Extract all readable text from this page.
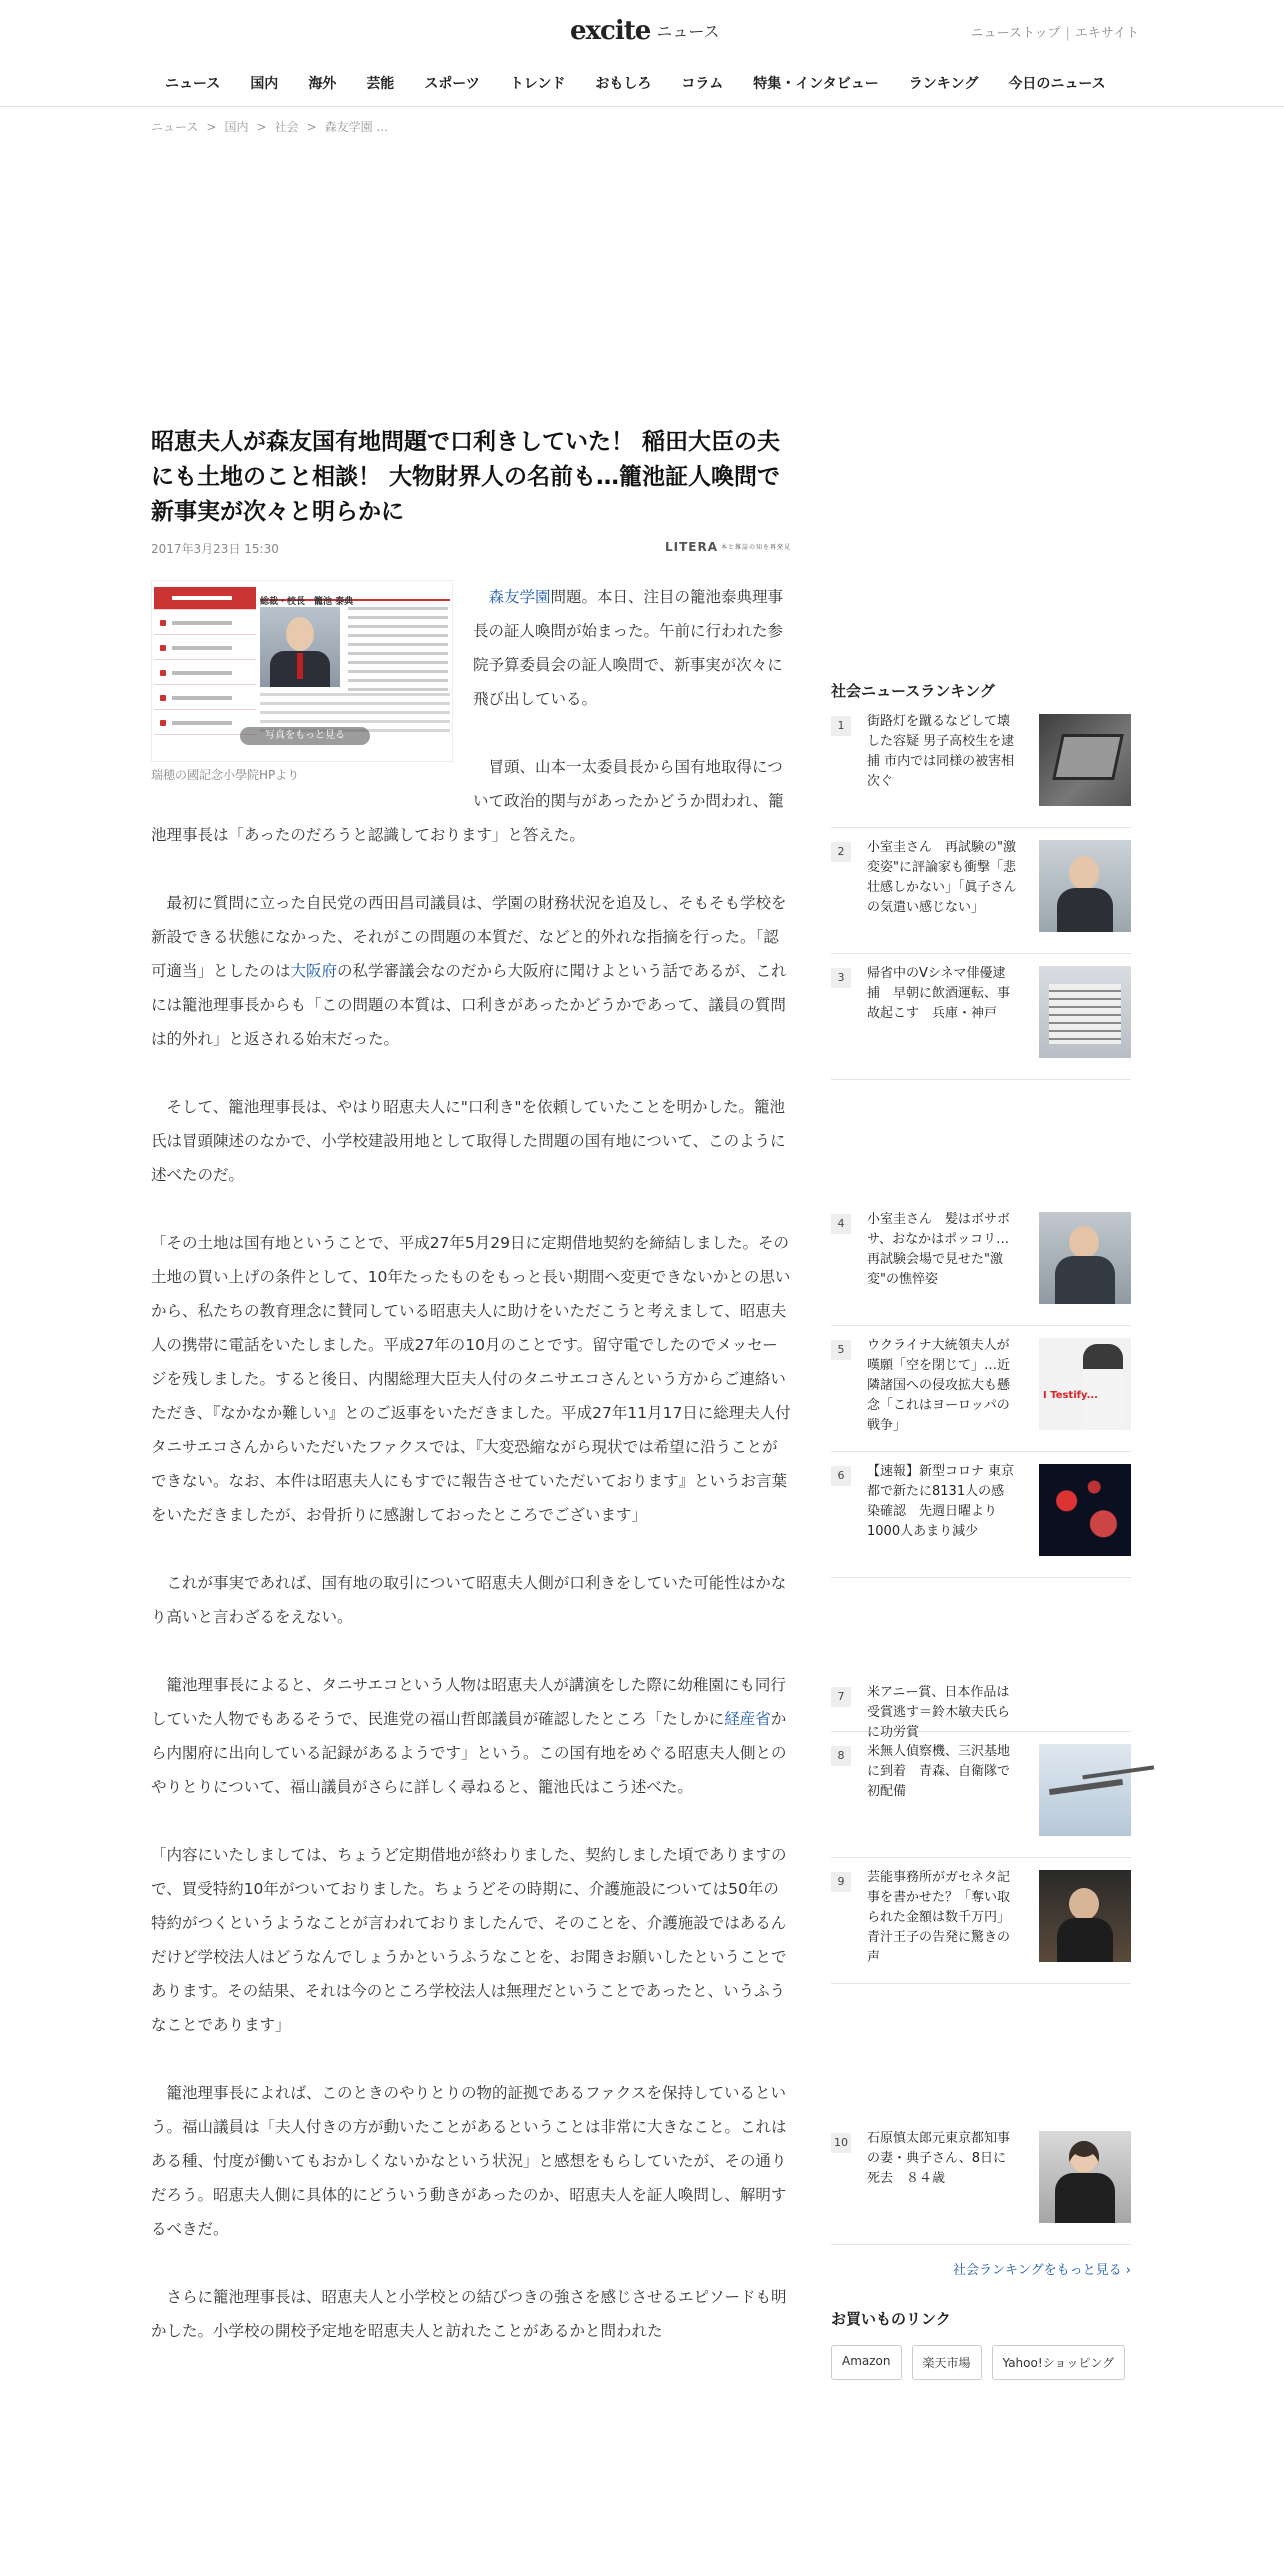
excite ニュース	ニューストップ | エキサイト
ニュース	国内	海外	芸能	スポーツ	トレンド	おもしろ	コラム	特集・インタビュー	ランキング	今日のニュース
ニュース > 国内 > 社会 > 森友学園 ...
昭恵夫人が森友国有地問題で口利きしていた！ 稲田大臣の夫にも土地のこと相談！ 大物財界人の名前も…籠池証人喚問で新事実が次々と明らかに
2017年3月23日 15:30	LITERA 本と雑誌の知を再発見
総裁・校長　籠池 泰典
写真をもっと見る
瑞穂の國記念小學院HPより

森友学園問題。本日、注目の籠池泰典理事長の証人喚問が始まった。午前に行われた参院予算委員会の証人喚問で、新事実が次々に飛び出している。

冒頭、山本一太委員長から国有地取得について政治的関与があったかどうか問われ、籠池理事長は「あったのだろうと認識しております」と答えた。

最初に質問に立った自民党の西田昌司議員は、学園の財務状況を追及し、そもそも学校を新設できる状態になかった、それがこの問題の本質だ、などと的外れな指摘を行った。「認可適当」としたのは大阪府の私学審議会なのだから大阪府に聞けよという話であるが、これには籠池理事長からも「この問題の本質は、口利きがあったかどうかであって、議員の質問は的外れ」と返される始末だった。

そして、籠池理事長は、やはり昭恵夫人に"口利き"を依頼していたことを明かした。籠池氏は冒頭陳述のなかで、小学校建設用地として取得した問題の国有地について、このように述べたのだ。

「その土地は国有地ということで、平成27年5月29日に定期借地契約を締結しました。その土地の買い上げの条件として、10年たったものをもっと長い期間へ変更できないかとの思いから、私たちの教育理念に賛同している昭恵夫人に助けをいただこうと考えまして、昭恵夫人の携帯に電話をいたしました。平成27年の10月のことです。留守電でしたのでメッセージを残しました。すると後日、内閣総理大臣夫人付のタニサエコさんという方からご連絡いただき、『なかなか難しい』とのご返事をいただきました。平成27年11月17日に総理夫人付タニサエコさんからいただいたファクスでは、『大変恐縮ながら現状では希望に沿うことができない。なお、本件は昭恵夫人にもすでに報告させていただいております』というお言葉をいただきましたが、お骨折りに感謝しておったところでございます」

これが事実であれば、国有地の取引について昭恵夫人側が口利きをしていた可能性はかなり高いと言わざるをえない。

籠池理事長によると、タニサエコという人物は昭恵夫人が講演をした際に幼稚園にも同行していた人物でもあるそうで、民進党の福山哲郎議員が確認したところ「たしかに経産省から内閣府に出向している記録があるようです」という。この国有地をめぐる昭恵夫人側とのやりとりについて、福山議員がさらに詳しく尋ねると、籠池氏はこう述べた。

「内容にいたしましては、ちょうど定期借地が終わりました、契約しました頃でありますので、買受特約10年がついておりました。ちょうどその時期に、介護施設については50年の特約がつくというようなことが言われておりましたんで、そのことを、介護施設ではあるんだけど学校法人はどうなんでしょうかというふうなことを、お聞きお願いしたということであります。その結果、それは今のところ学校法人は無理だということであったと、いうふうなことであります」

籠池理事長によれば、このときのやりとりの物的証拠であるファクスを保持しているという。福山議員は「夫人付きの方が動いたことがあるということは非常に大きなこと。これはある種、忖度が働いてもおかしくないかなという状況」と感想をもらしていたが、その通りだろう。昭恵夫人側に具体的にどういう動きがあったのか、昭恵夫人を証人喚問し、解明するべきだ。

さらに籠池理事長は、昭恵夫人と小学校との結びつきの強さを感じさせるエピソードも明かした。小学校の開校予定地を昭恵夫人と訪れたことがあるかと問われた

社会ニュースランキング
1	街路灯を蹴るなどして壊した容疑 男子高校生を逮捕 市内では同様の被害相次ぐ
2	小室圭さん　再試験の"激変姿"に評論家も衝撃「悲壮感しかない」「眞子さんの気遣い感じない」
3	帰省中のVシネマ俳優逮捕　早朝に飲酒運転、事故起こす　兵庫・神戸
4	小室圭さん　髪はボサボサ、おなかはポッコリ…再試験会場で見せた"激変"の憔悴姿
5	ウクライナ大統領夫人が嘆願「空を閉じて」…近隣諸国への侵攻拡大も懸念「これはヨーロッパの戦争」
I Testify...
6	【速報】新型コロナ 東京都で新たに8131人の感染確認　先週日曜より1000人あまり減少
7	米アニー賞、日本作品は受賞逃す＝鈴木敏夫氏らに功労賞
8	米無人偵察機、三沢基地に到着　青森、自衛隊で初配備
9	芸能事務所がガセネタ記事を書かせた？「奪い取られた金額は数千万円」青汁王子の告発に驚きの声
10 石原慎太郎元東京都知事の妻・典子さん、8日に死去　８４歳
社会ランキングをもっと見る ›
お買いものリンク
Amazon	楽天市場	Yahoo!ショッピング
